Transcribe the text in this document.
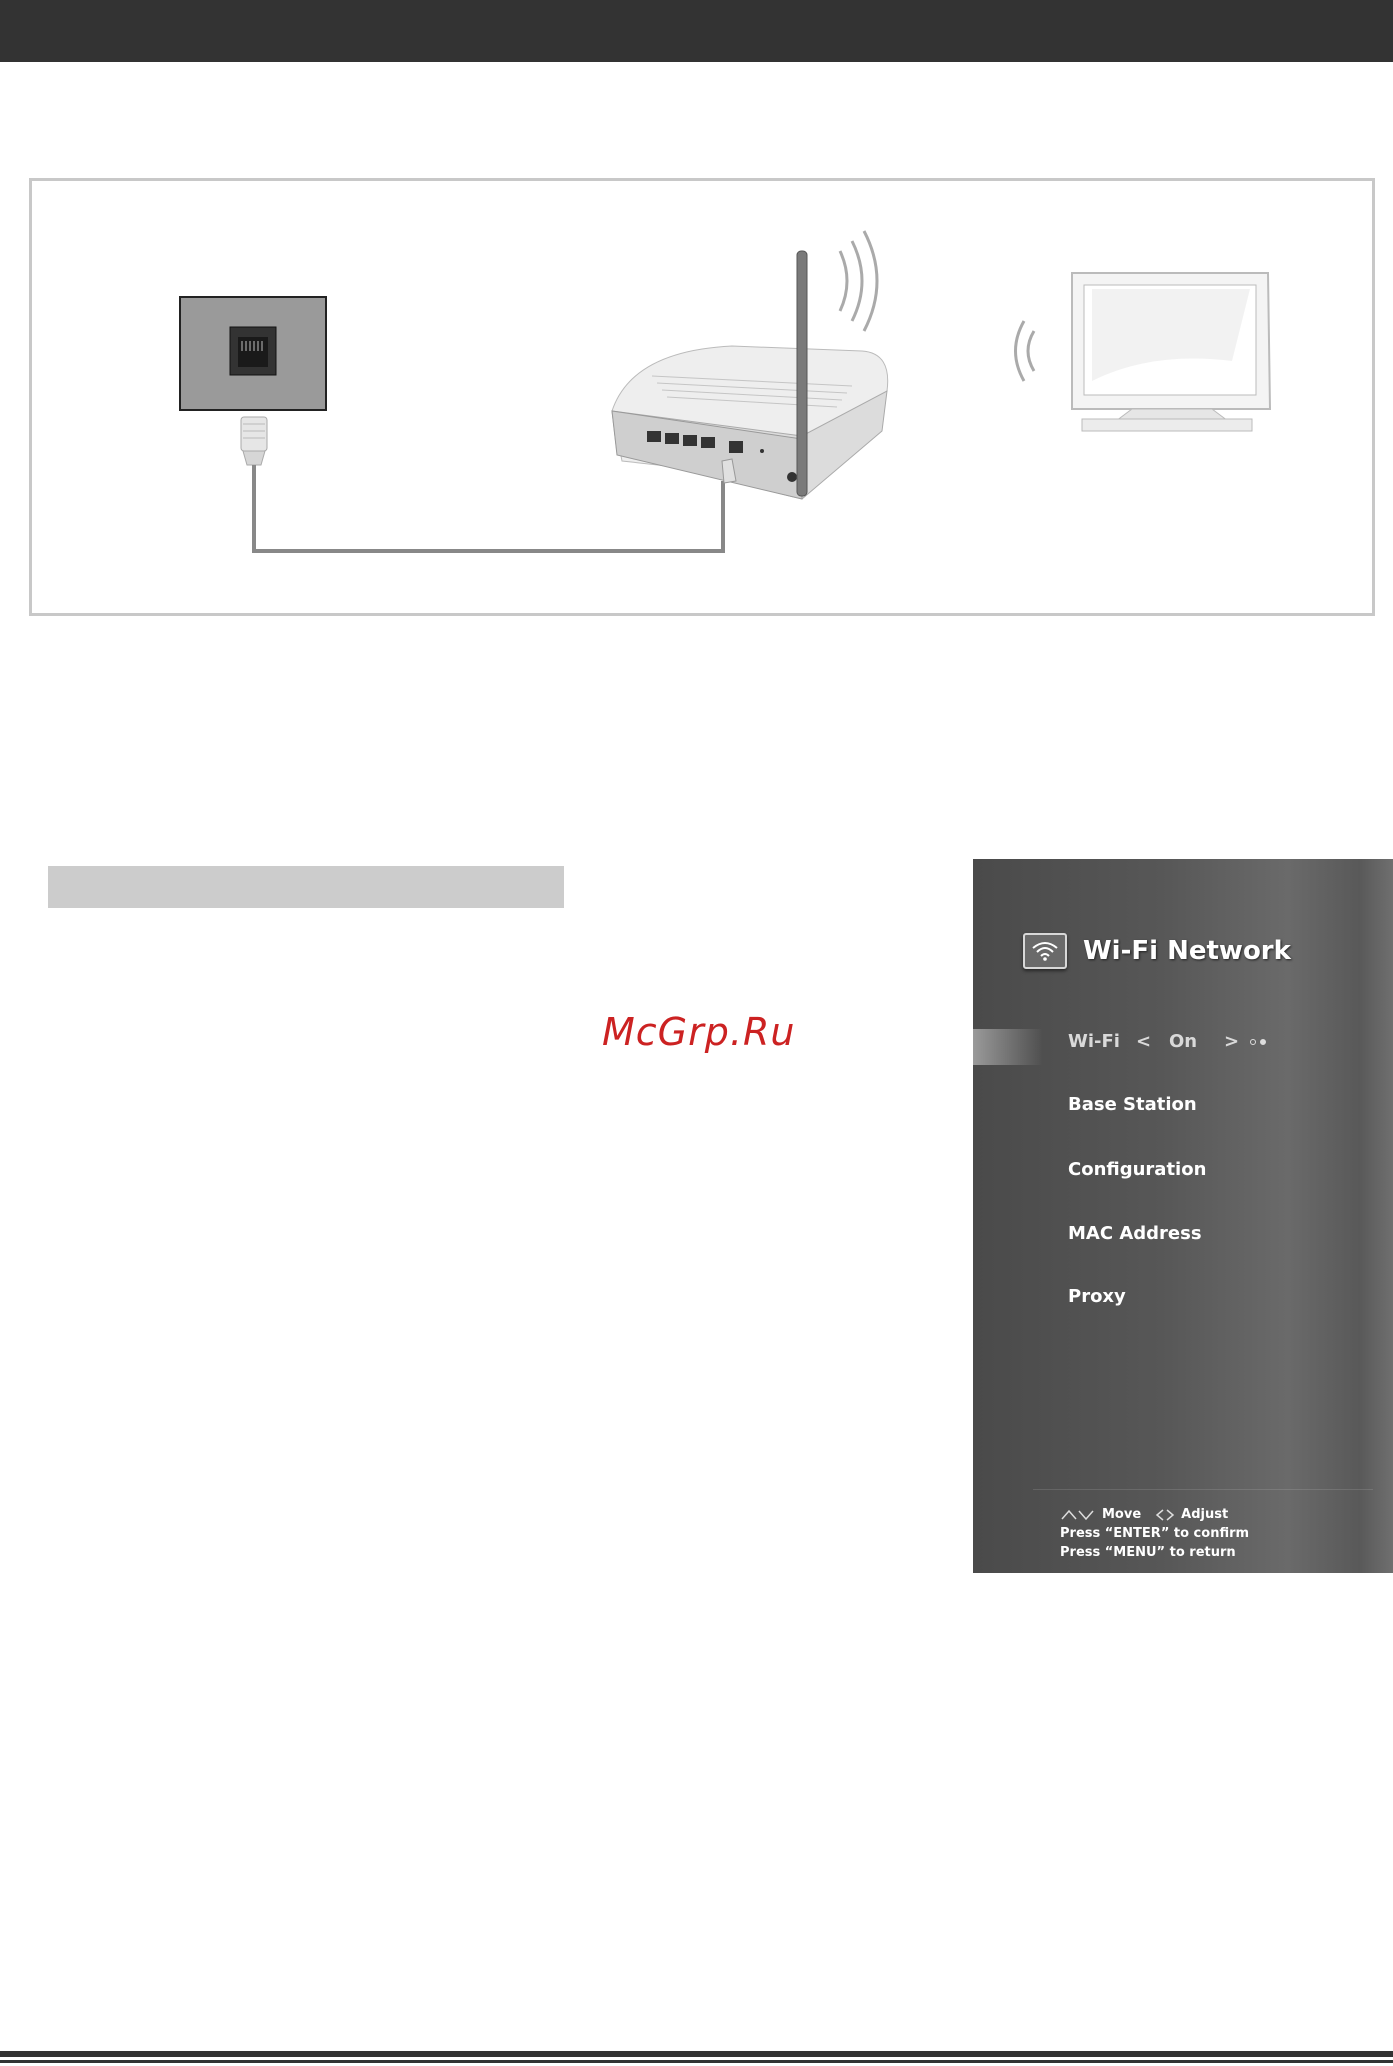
McGrp.Ru
Wi-Fi Network
Wi-Fi < On	>
Base Station
Configuration
MAC Address
Proxy
Move	Adjust
Press “ENTER” to confirm
Press “MENU” to return
